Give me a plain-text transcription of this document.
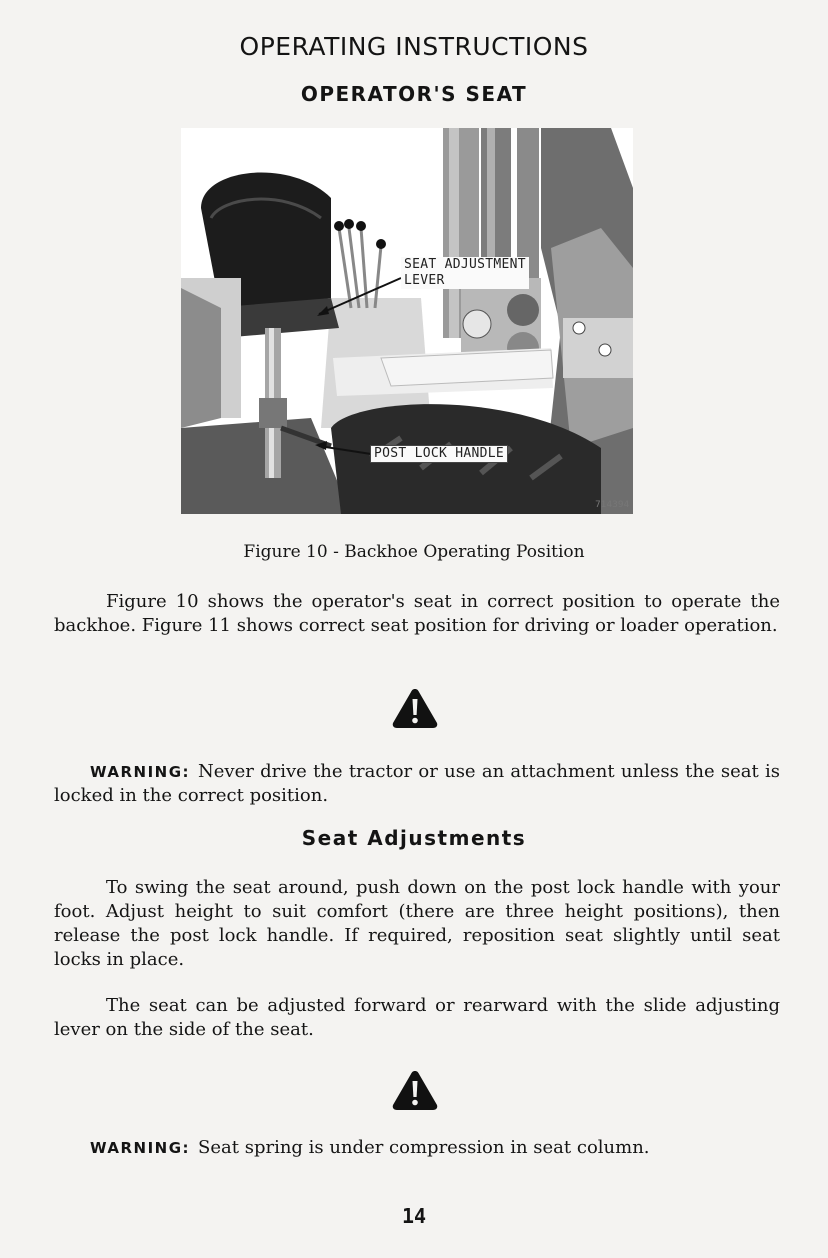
OPERATING INSTRUCTIONS
OPERATOR'S SEAT
SEAT ADJUSTMENT
LEVER
POST LOCK HANDLE
714394
Figure 10 - Backhoe Operating Position

Figure 10 shows the operator's seat in correct position to operate the backhoe. Figure 11 shows correct seat position for driving or loader operation.

WARNING: Never drive the tractor or use an attachment unless the seat is locked in the correct position.

Seat Adjustments

To swing the seat around, push down on the post lock handle with your foot. Adjust height to suit comfort (there are three height positions), then release the post lock handle. If required, reposition seat slightly until seat locks in place.

The seat can be adjusted forward or rearward with the slide adjusting lever on the side of the seat.

WARNING: Seat spring is under compression in seat column.

14
